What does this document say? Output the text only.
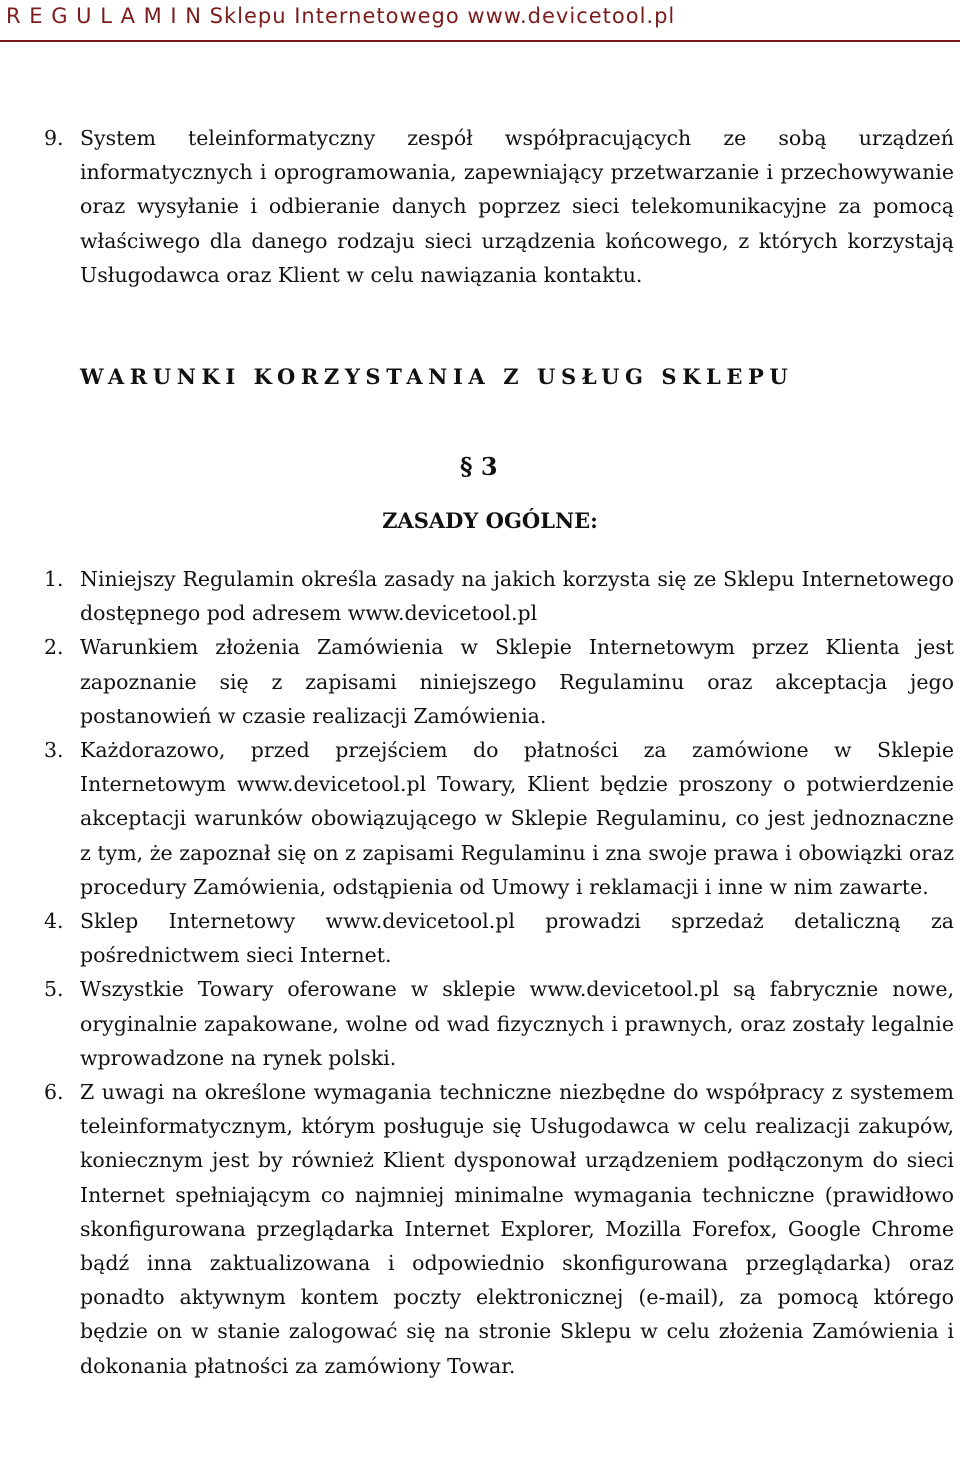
R E G U L A M I N Sklepu Internetowego www.devicetool.pl
9. System teleinformatyczny zespół współpracujących ze sobą urządzeń informatycznych i oprogramowania, zapewniający przetwarzanie i przechowywanie oraz wysyłanie i odbieranie danych poprzez sieci telekomunikacyjne za pomocą właściwego dla danego rodzaju sieci urządzenia końcowego, z których korzystają Usługodawca oraz Klient w celu nawiązania kontaktu.
WARUNKI KORZYSTANIA Z USŁUG SKLEPU
§ 3
ZASADY OGÓLNE:
1. Niniejszy Regulamin określa zasady na jakich korzysta się ze Sklepu Internetowego dostępnego pod adresem www.devicetool.pl
2. Warunkiem złożenia Zamówienia w Sklepie Internetowym przez Klienta jest zapoznanie się z zapisami niniejszego Regulaminu oraz akceptacja jego postanowień w czasie realizacji Zamówienia.
3. Każdorazowo, przed przejściem do płatności za zamówione w Sklepie Internetowym www.devicetool.pl Towary, Klient będzie proszony o potwierdzenie akceptacji warunków obowiązującego w Sklepie Regulaminu, co jest jednoznaczne z tym, że zapoznał się on z zapisami Regulaminu i zna swoje prawa i obowiązki oraz procedury Zamówienia, odstąpienia od Umowy i reklamacji i inne w nim zawarte.
4. Sklep Internetowy www.devicetool.pl prowadzi sprzedaż detaliczną za pośrednictwem sieci Internet.
5. Wszystkie Towary oferowane w sklepie www.devicetool.pl są fabrycznie nowe, oryginalnie zapakowane, wolne od wad fizycznych i prawnych, oraz zostały legalnie wprowadzone na rynek polski.
6. Z uwagi na określone wymagania techniczne niezbędne do współpracy z systemem teleinformatycznym, którym posługuje się Usługodawca w celu realizacji zakupów, koniecznym jest by również Klient dysponował urządzeniem podłączonym do sieci Internet spełniającym co najmniej minimalne wymagania techniczne (prawidłowo skonfigurowana przeglądarka Internet Explorer, Mozilla Forefox, Google Chrome bądź inna zaktualizowana i odpowiednio skonfigurowana przeglądarka) oraz ponadto aktywnym kontem poczty elektronicznej (e-mail), za pomocą którego będzie on w stanie zalogować się na stronie Sklepu w celu złożenia Zamówienia i dokonania płatności za zamówiony Towar.
